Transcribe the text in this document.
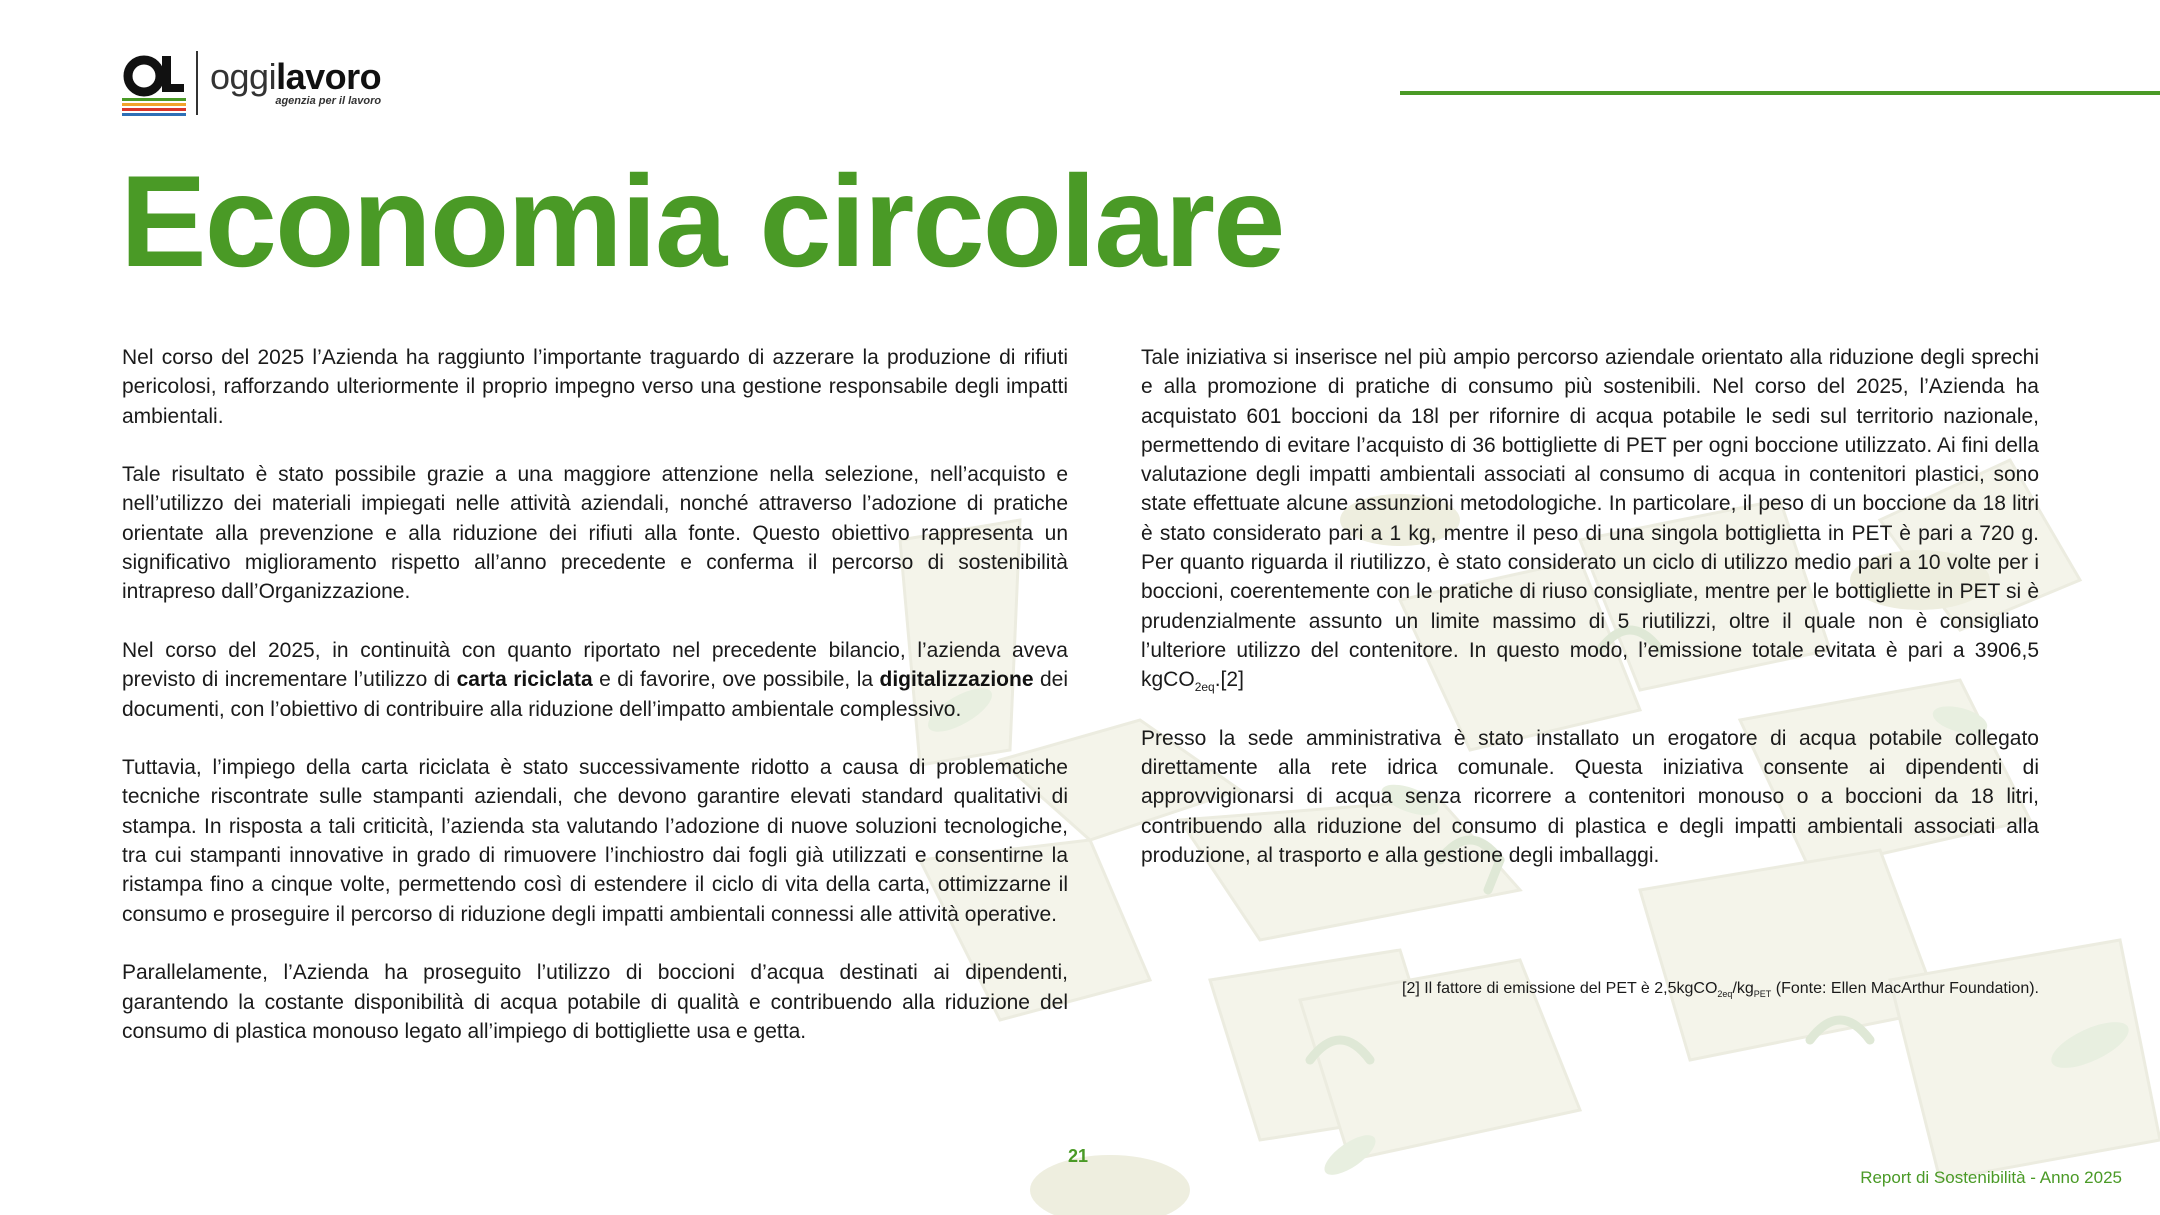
oggilavoro
agenzia per il lavoro
Economia circolare

Nel corso del 2025 l’Azienda ha raggiunto l’importante traguardo di azzerare la produzione di rifiuti pericolosi, rafforzando ulteriormente il proprio impegno verso una gestione responsabile degli impatti ambientali.

Tale risultato è stato possibile grazie a una maggiore attenzione nella selezione, nell’acquisto e nell’utilizzo dei materiali impiegati nelle attività aziendali, nonché attraverso l’adozione di pratiche orientate alla prevenzione e alla riduzione dei rifiuti alla fonte. Questo obiettivo rappresenta un significativo miglioramento rispetto all’anno precedente e conferma il percorso di sostenibilità intrapreso dall’Organizzazione.

Nel corso del 2025, in continuità con quanto riportato nel precedente bilancio, l’azienda aveva previsto di incrementare l’utilizzo di carta riciclata e di favorire, ove possibile, la digitalizzazione dei documenti, con l’obiettivo di contribuire alla riduzione dell’impatto ambientale complessivo.

Tuttavia, l’impiego della carta riciclata è stato successivamente ridotto a causa di problematiche tecniche riscontrate sulle stampanti aziendali, che devono garantire elevati standard qualitativi di stampa. In risposta a tali criticità, l’azienda sta valutando l’adozione di nuove soluzioni tecnologiche, tra cui stampanti innovative in grado di rimuovere l’inchiostro dai fogli già utilizzati e consentirne la ristampa fino a cinque volte, permettendo così di estendere il ciclo di vita della carta, ottimizzarne il consumo e proseguire il percorso di riduzione degli impatti ambientali connessi alle attività operative.

Parallelamente, l’Azienda ha proseguito l’utilizzo di boccioni d’acqua destinati ai dipendenti, garantendo la costante disponibilità di acqua potabile di qualità e contribuendo alla riduzione del consumo di plastica monouso legato all’impiego di bottigliette usa e getta.

Tale iniziativa si inserisce nel più ampio percorso aziendale orientato alla riduzione degli sprechi e alla promozione di pratiche di consumo più sostenibili. Nel corso del 2025, l’Azienda ha acquistato 601 boccioni da 18l per rifornire di acqua potabile le sedi sul territorio nazionale, permettendo di evitare l’acquisto di 36 bottigliette di PET per ogni boccione utilizzato. Ai fini della valutazione degli impatti ambientali associati al consumo di acqua in contenitori plastici, sono state effettuate alcune assunzioni metodologiche. In particolare, il peso di un boccione da 18 litri è stato considerato pari a 1 kg, mentre il peso di una singola bottiglietta in PET è pari a 720 g. Per quanto riguarda il riutilizzo, è stato considerato un ciclo di utilizzo medio pari a 10 volte per i boccioni, coerentemente con le pratiche di riuso consigliate, mentre per le bottigliette in PET si è prudenzialmente assunto un limite massimo di 5 riutilizzi, oltre il quale non è consigliato l’ulteriore utilizzo del contenitore. In questo modo, l’emissione totale evitata è pari a 3906,5 kgCO$_{2eq}$.[2]

Presso la sede amministrativa è stato installato un erogatore di acqua potabile collegato direttamente alla rete idrica comunale. Questa iniziativa consente ai dipendenti di approvvigionarsi di acqua senza ricorrere a contenitori monouso o a boccioni da 18 litri, contribuendo alla riduzione del consumo di plastica e degli impatti ambientali associati alla produzione, al trasporto e alla gestione degli imballaggi.

[2] Il fattore di emissione del PET è $2,5kgCO_{2eq}/kg_{PET}$ (Fonte: Ellen MacArthur Foundation).
21
Report di Sostenibilità - Anno 2025
